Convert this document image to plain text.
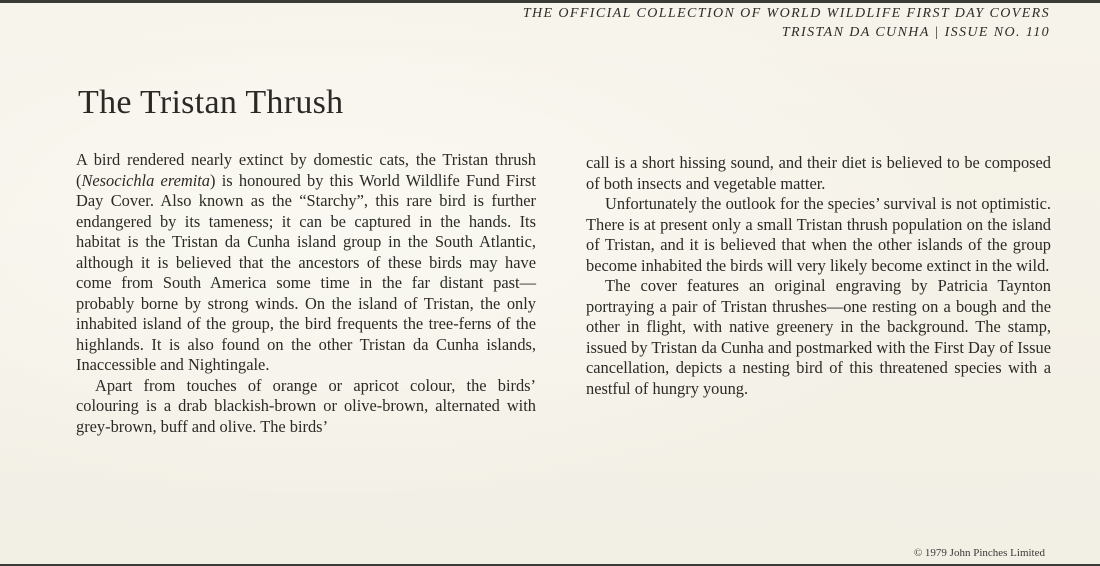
THE OFFICIAL COLLECTION OF WORLD WILDLIFE FIRST DAY COVERS
TRISTAN DA CUNHA | ISSUE NO. 110
The Tristan Thrush

A bird rendered nearly extinct by domestic cats, the Tristan thrush (Nesocichla eremita) is honoured by this World Wildlife Fund First Day Cover. Also known as the “Starchy”, this rare bird is further endangered by its tameness; it can be captured in the hands. Its habitat is the Tristan da Cunha island group in the South Atlantic, although it is believed that the ancestors of these birds may have come from South America some time in the far distant past—probably borne by strong winds. On the island of Tristan, the only inhabited island of the group, the bird frequents the tree-ferns of the highlands. It is also found on the other Tristan da Cunha islands, Inaccessible and Nightingale.

Apart from touches of orange or apricot colour, the birds’ colouring is a drab blackish-brown or olive-brown, alternated with grey-brown, buff and olive. The birds’

call is a short hissing sound, and their diet is believed to be composed of both insects and vegetable matter.

Unfortunately the outlook for the species’ survival is not optimistic. There is at present only a small Tristan thrush population on the island of Tristan, and it is believed that when the other islands of the group become inhabited the birds will very likely become extinct in the wild.

The cover features an original engraving by Patricia Taynton portraying a pair of Tristan thrushes—one resting on a bough and the other in flight, with native greenery in the background. The stamp, issued by Tristan da Cunha and postmarked with the First Day of Issue cancellation, depicts a nesting bird of this threatened species with a nestful of hungry young.

© 1979 John Pinches Limited
